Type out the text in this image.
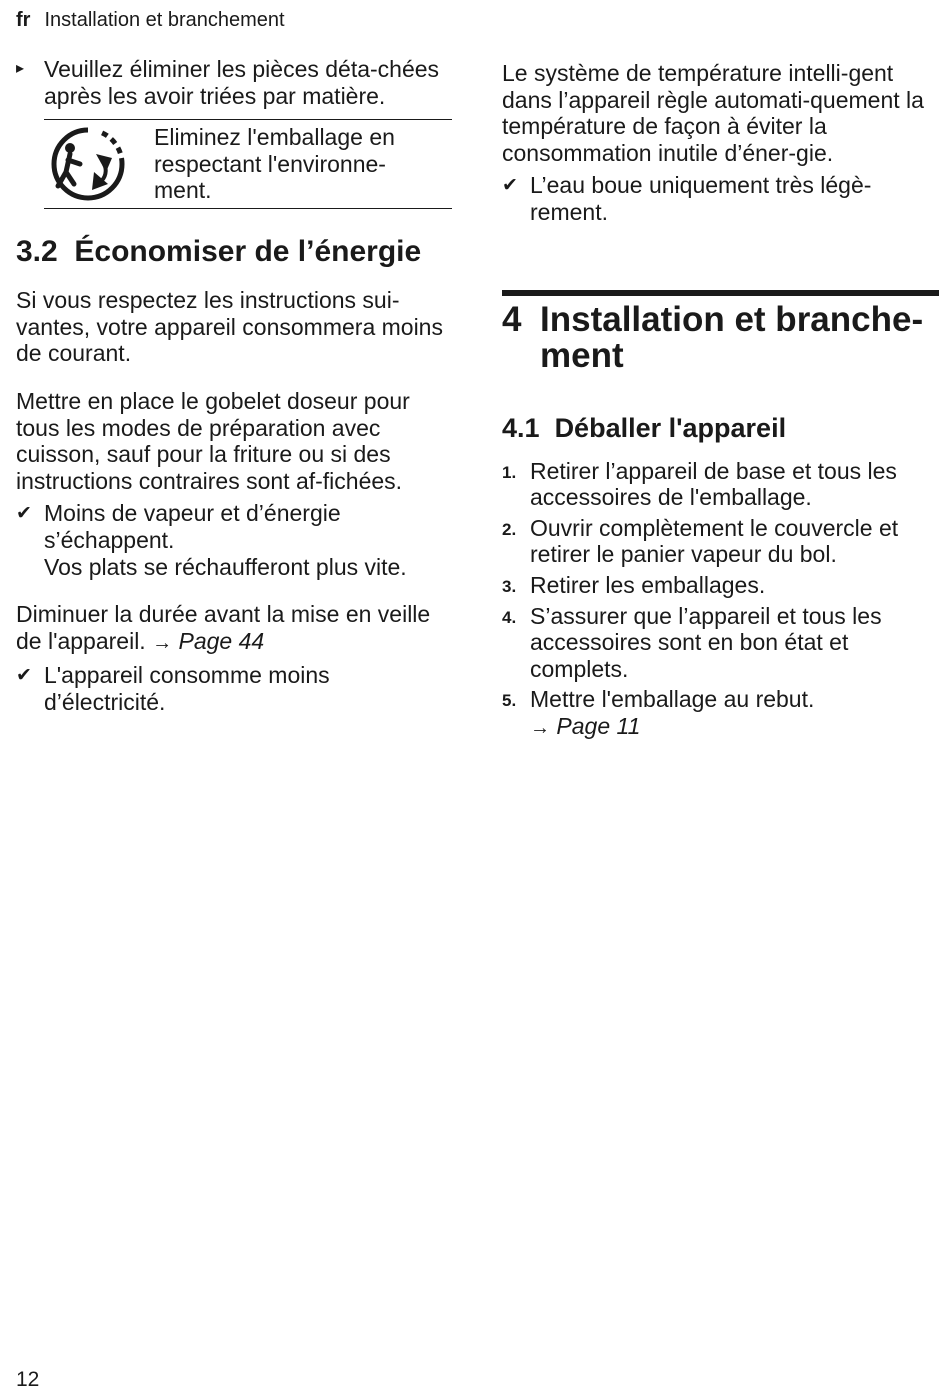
fr Installation et branchement
▸ Veuillez éliminer les pièces déta-chées après les avoir triées par matière.
Eliminez l'emballage en
respectant l'environne-
ment.
3.2 Économiser de l’énergie

Si vous respectez les instructions sui-vantes, votre appareil consommera moins de courant.

Mettre en place le gobelet doseur pour tous les modes de préparation avec cuisson, sauf pour la friture ou si des instructions contraires sont af-fichées.

✔ Moins de vapeur et d’énergie s’échappent.
Vos plats se réchaufferont plus vite.

Diminuer la durée avant la mise en veille de l'appareil. → Page 44

✔ L'appareil consomme moins d’électricité.

Le système de température intelli-gent dans l’appareil règle automati-quement la température de façon à éviter la consommation inutile d’éner-gie.

✔ L’eau boue uniquement très légè-rement.
4 Installation et branche-
ment
4.1 Déballer l'appareil
1. Retirer l’appareil de base et tous les accessoires de l'emballage.
2. Ouvrir complètement le couvercle et retirer le panier vapeur du bol.
3. Retirer les emballages.
4. S’assurer que l’appareil et tous les accessoires sont en bon état et complets.
5. Mettre l'emballage au rebut.
→ Page 11
12
